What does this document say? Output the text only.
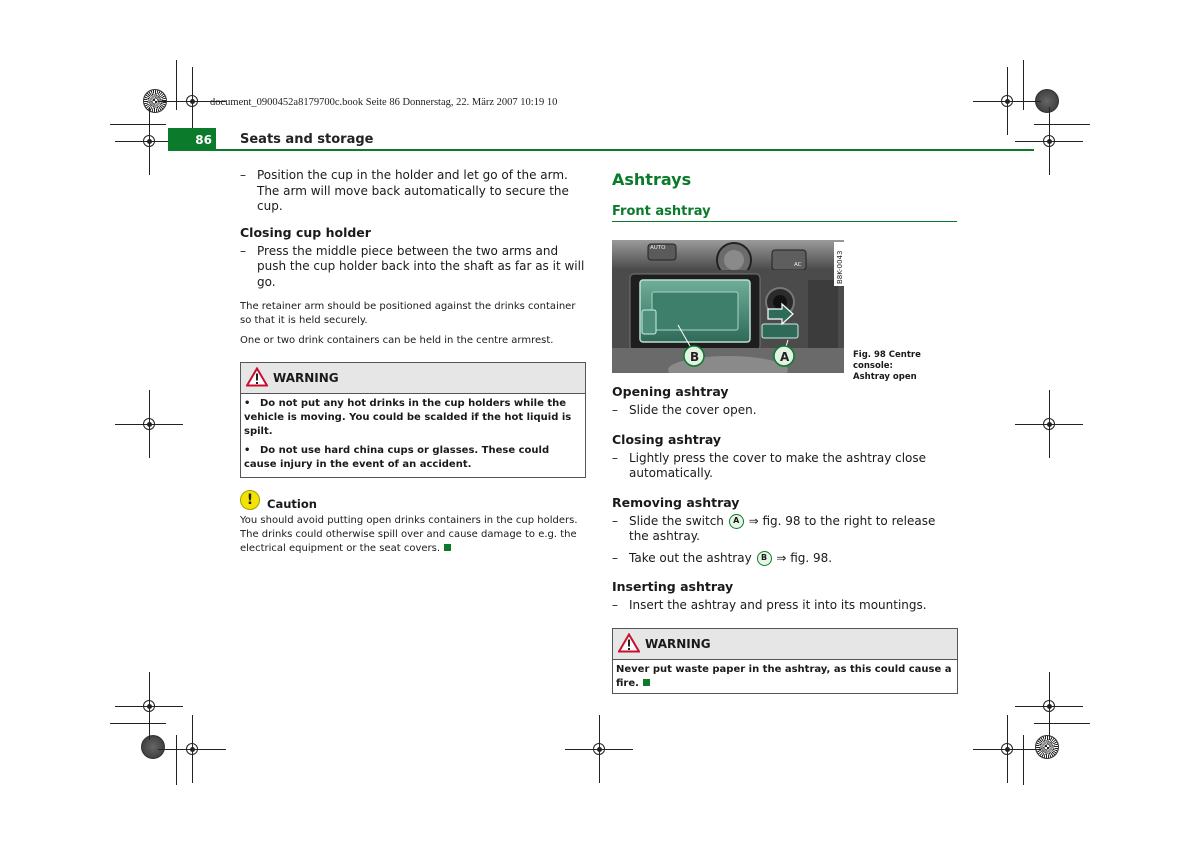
document_0900452a8179700c.book Seite 86 Donnerstag, 22. März 2007 10:19 10
86	Seats and storage
– Position the cup in the holder and let go of the arm. The arm will move back automatically to secure the cup.
Closing cup holder
– Press the middle piece between the two arms and push the cup holder back into the shaft as far as it will go.
The retainer arm should be positioned against the drinks container so that it is held securely.
One or two drink containers can be held in the centre armrest.
WARNING
• Do not put any hot drinks in the cup holders while the vehicle is moving. You could be scalded if the hot liquid is spilt.
• Do not use hard china cups or glasses. These could cause injury in the event of an accident.
!	Caution
You should avoid putting open drinks containers in the cup holders. The drinks could otherwise spill over and cause damage to e.g. the electrical equipment or the seat covers.
Ashtrays
Front ashtray
AUTO
AC
B	A
B8K-0043
Fig. 98 Centre console:
Ashtray open
Opening ashtray
– Slide the cover open.
Closing ashtray
– Lightly press the cover to make the ashtray close automatically.
Removing ashtray
– Slide the switch A ⇒ fig. 98 to the right to release the ashtray.
– Take out the ashtray B ⇒ fig. 98.
Inserting ashtray
– Insert the ashtray and press it into its mountings.
WARNING
Never put waste paper in the ashtray, as this could cause a fire.
